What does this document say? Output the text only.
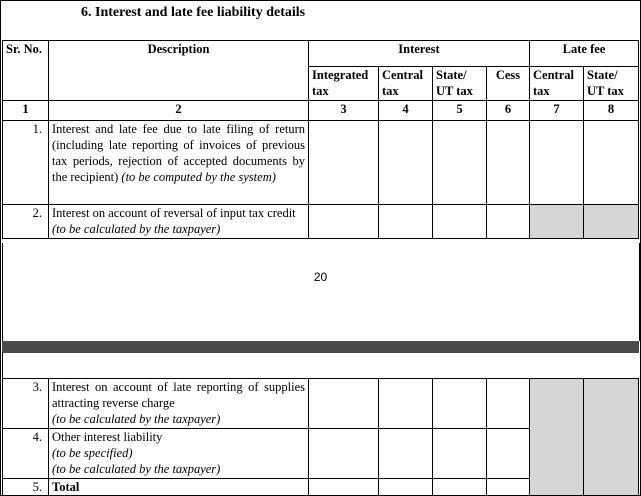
6. Interest and late fee liability details
Sr. No.	Description	Interest				Late fee	
		Integrated tax	Central tax	State/ UT tax	Cess	Central tax	State/ UT tax
1	2	3	4	5	6	7	8
1.	Interest and late fee due to late filing of return (including late reporting of invoices of previous tax periods, rejection of accepted documents by the recipient) (to be computed by the system)						
2.	Interest on account of reversal of input tax credit (to be calculated by the taxpayer)						
20
3.	Interest on account of late reporting of supplies attracting reverse charge
(to be calculated by the taxpayer)						
4.	Other interest liability
(to be specified)
(to be calculated by the taxpayer)						
5.	Total						
